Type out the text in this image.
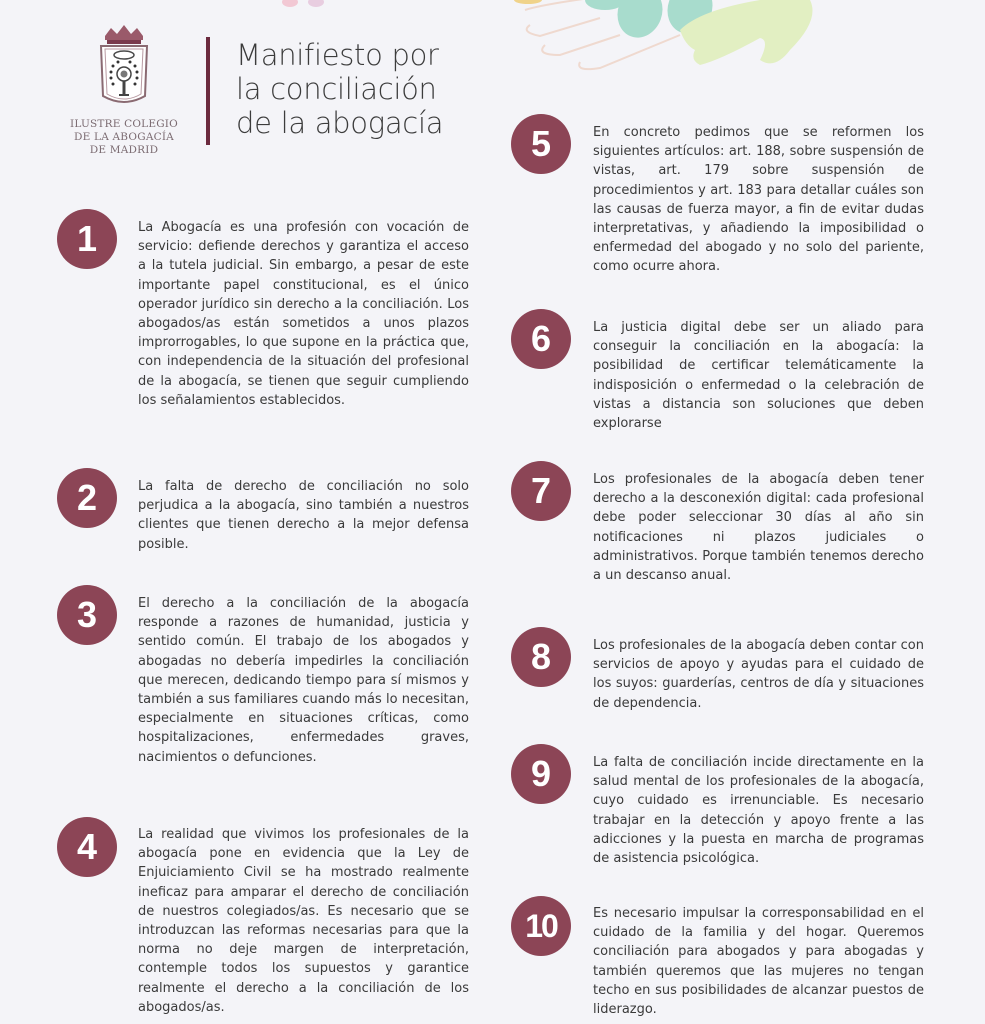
ILUSTRE COLEGIO
DE LA ABOGACÍA
DE MADRID
Manifiesto por
la conciliación
de la abogacía
1	La Abogacía es una profesión con vocación de servicio: defiende derechos y garantiza el acceso a la tutela judicial. Sin embargo, a pesar de este importante papel constitucional, es el único operador jurídico sin derecho a la conciliación. Los abogados/as están sometidos a unos plazos improrrogables, lo que supone en la práctica que, con independencia de la situación del profesional de la abogacía, se tienen que seguir cumpliendo los señalamientos establecidos.
2	La falta de derecho de conciliación no solo perjudica a la abogacía, sino también a nuestros clientes que tienen derecho a la mejor defensa posible.
3	El derecho a la conciliación de la abogacía responde a razones de humanidad, justicia y sentido común. El trabajo de los abogados y abogadas no debería impedirles la conciliación que merecen, dedicando tiempo para sí mismos y también a sus familiares cuando más lo necesitan, especialmente en situaciones críticas, como hospitalizaciones, enfermedades graves, nacimientos o defunciones.
4	La realidad que vivimos los profesionales de la abogacía pone en evidencia que la Ley de Enjuiciamiento Civil se ha mostrado realmente ineficaz para amparar el derecho de conciliación de nuestros colegiados/as. Es necesario que se introduzcan las reformas necesarias para que la norma no deje margen de interpretación, contemple todos los supuestos y garantice realmente el derecho a la conciliación de los abogados/as.
5	En concreto pedimos que se reformen los siguientes artículos: art. 188, sobre suspensión de vistas, art. 179 sobre suspensión de procedimientos y art. 183 para detallar cuáles son las causas de fuerza mayor, a fin de evitar dudas interpretativas, y añadiendo la imposibilidad o enfermedad del abogado y no solo del pariente, como ocurre ahora.
6	La justicia digital debe ser un aliado para conseguir la conciliación en la abogacía: la posibilidad de certificar telemáticamente la indisposición o enfermedad o la celebración de vistas a distancia son soluciones que deben explorarse
7	Los profesionales de la abogacía deben tener derecho a la desconexión digital: cada profesional debe poder seleccionar 30 días al año sin notificaciones ni plazos judiciales o administrativos. Porque también tenemos derecho a un descanso anual.
8	Los profesionales de la abogacía deben contar con servicios de apoyo y ayudas para el cuidado de los suyos: guarderías, centros de día y situaciones de dependencia.
9	La falta de conciliación incide directamente en la salud mental de los profesionales de la abogacía, cuyo cuidado es irrenunciable. Es necesario trabajar en la detección y apoyo frente a las adicciones y la puesta en marcha de programas de asistencia psicológica.
10	Es necesario impulsar la corresponsabilidad en el cuidado de la familia y del hogar. Queremos conciliación para abogados y para abogadas y también queremos que las mujeres no tengan techo en sus posibilidades de alcanzar puestos de liderazgo.
